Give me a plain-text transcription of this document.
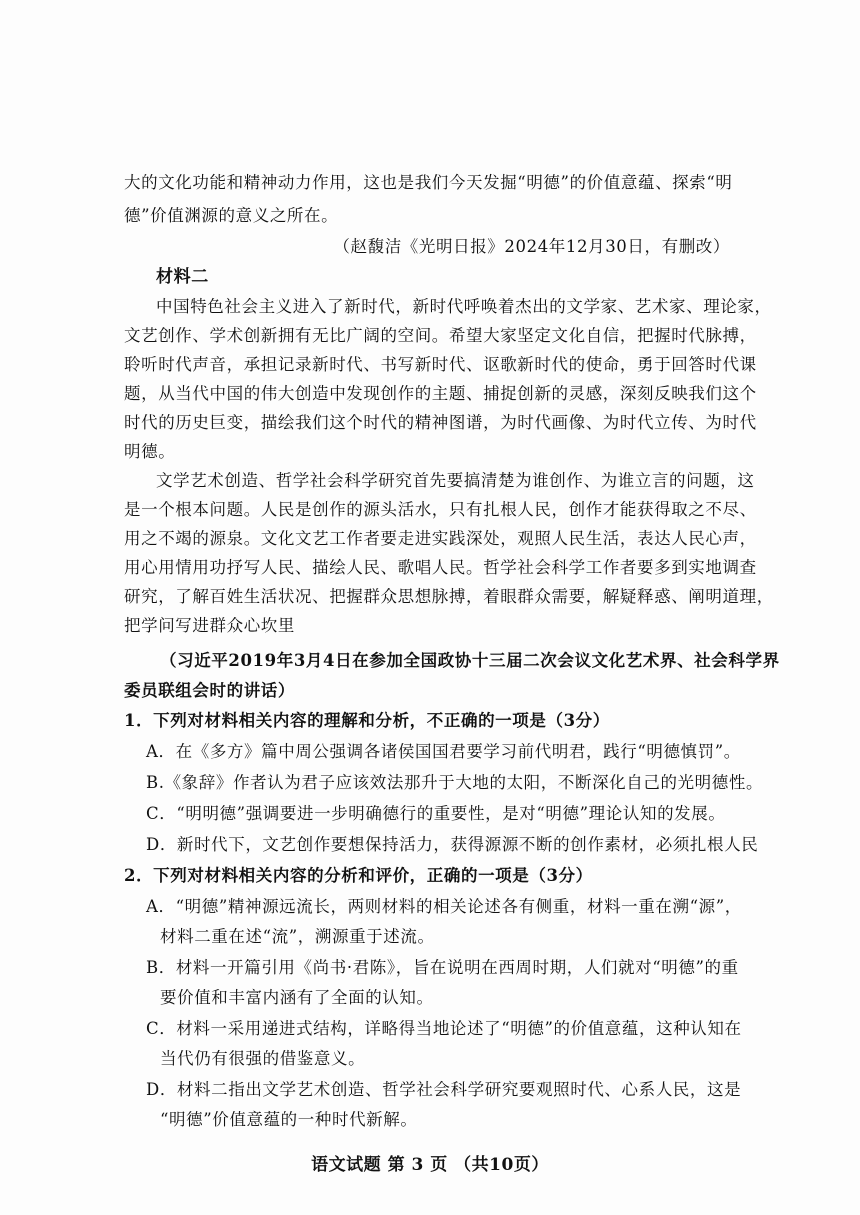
大的文化功能和精神动力作用，这也是我们今天发掘“明德”的价值意蕴、探索“明
德”价值渊源的意义之所在。
（赵馥洁《光明日报》2024年12月30日，有删改）
材料二
中国特色社会主义进入了新时代，新时代呼唤着杰出的文学家、艺术家、理论家，
文艺创作、学术创新拥有无比广阔的空间。希望大家坚定文化自信，把握时代脉搏，
聆听时代声音，承担记录新时代、书写新时代、讴歌新时代的使命，勇于回答时代课
题，从当代中国的伟大创造中发现创作的主题、捕捉创新的灵感，深刻反映我们这个
时代的历史巨变，描绘我们这个时代的精神图谱，为时代画像、为时代立传、为时代
明德。
文学艺术创造、哲学社会科学研究首先要搞清楚为谁创作、为谁立言的问题，这
是一个根本问题。人民是创作的源头活水，只有扎根人民，创作才能获得取之不尽、
用之不竭的源泉。文化文艺工作者要走进实践深处，观照人民生活，表达人民心声，
用心用情用功抒写人民、描绘人民、歌唱人民。哲学社会科学工作者要多到实地调查
研究，了解百姓生活状况、把握群众思想脉搏，着眼群众需要，解疑释惑、阐明道理，
把学问写进群众心坎里
（习近平2019年3月4日在参加全国政协十三届二次会议文化艺术界、社会科学界
委员联组会时的讲话）
1．下列对材料相关内容的理解和分析，不正确的一项是（3分）
A．在《多方》篇中周公强调各诸侯国国君要学习前代明君，践行“明德慎罚”。
B.《象辞》作者认为君子应该效法那升于大地的太阳，不断深化自己的光明德性。
C．“明明德”强调要进一步明确德行的重要性，是对“明德”理论认知的发展。
D．新时代下，文艺创作要想保持活力，获得源源不断的创作素材，必须扎根人民
2．下列对材料相关内容的分析和评价，正确的一项是（3分）
A．“明德”精神源远流长，两则材料的相关论述各有侧重，材料一重在溯“源”，
材料二重在述“流”，溯源重于述流。
B．材料一开篇引用《尚书·君陈》，旨在说明在西周时期，人们就对“明德”的重
要价值和丰富内涵有了全面的认知。
C．材料一采用递进式结构，详略得当地论述了“明德”的价值意蕴，这种认知在
当代仍有很强的借鉴意义。
语文试题 第 3 页 （共10页）
D．材料二指出文学艺术创造、哲学社会科学研究要观照时代、心系人民，这是
“明德”价值意蕴的一种时代新解。
